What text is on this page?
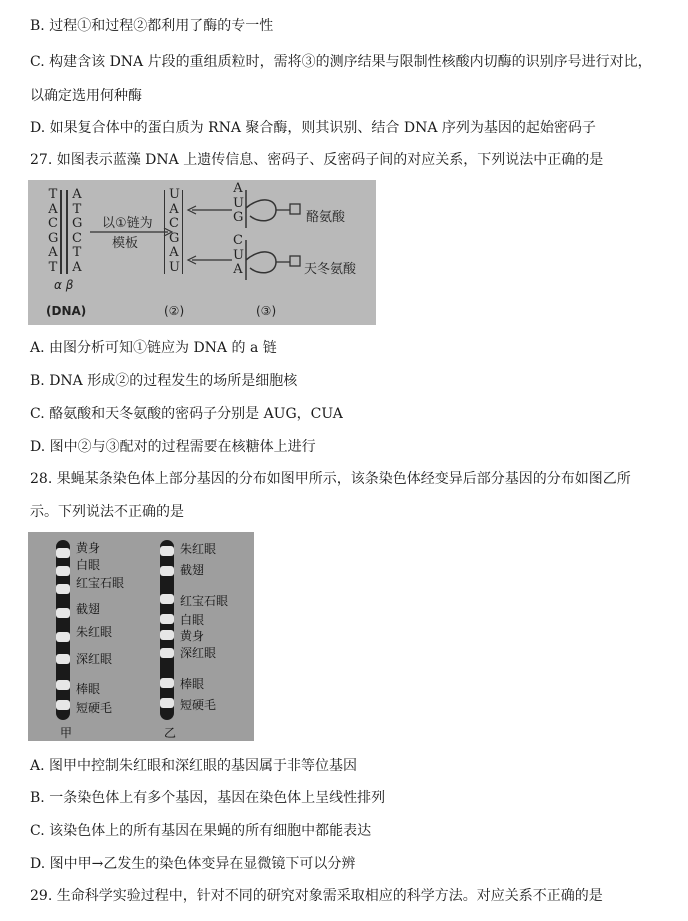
B. 过程①和过程②都利用了酶的专一性
C. 构建含该 DNA 片段的重组质粒时，需将③的测序结果与限制性核酸内切酶的识别序号进行对比，
以确定选用何种酶
D. 如果复合体中的蛋白质为 RNA 聚合酶，则其识别、结合 DNA 序列为基因的起始密码子
27. 如图表示蓝藻 DNA 上遗传信息、密码子、反密码子间的对应关系，下列说法中正确的是
T
A
C
G
A
T
A
T
G
C
T
A
α β
(DNA)
以①链为
模板
U
A
C
G
A
U
(②)
A
U
G
C
U
A
酪氨酸
天冬氨酸
(③)
A. 由图分析可知①链应为 DNA 的 a 链
B. DNA 形成②的过程发生的场所是细胞核
C. 酪氨酸和天冬氨酸的密码子分别是 AUG，CUA
D. 图中②与③配对的过程需要在核糖体上进行
28. 果蝇某条染色体上部分基因的分布如图甲所示，该条染色体经变异后部分基因的分布如图乙所
示。下列说法不正确的是
黄身
白眼
红宝石眼
截翅
朱红眼
深红眼
棒眼
短硬毛
甲
朱红眼
截翅
红宝石眼
白眼
黄身
深红眼
棒眼
短硬毛
乙
A. 图甲中控制朱红眼和深红眼的基因属于非等位基因
B. 一条染色体上有多个基因，基因在染色体上呈线性排列
C. 该染色体上的所有基因在果蝇的所有细胞中都能表达
D. 图中甲→乙发生的染色体变异在显微镜下可以分辨
29. 生命科学实验过程中，针对不同的研究对象需采取相应的科学方法。对应关系不正确的是
